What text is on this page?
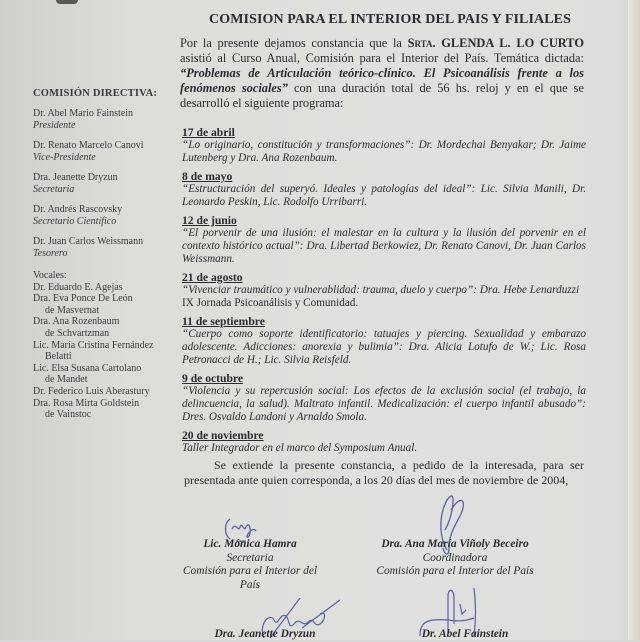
COMISION PARA EL INTERIOR DEL PAIS Y FILIALES
Por la presente dejamos constancia que la Srta. GLENDA L. LO CURTO asistió al Curso Anual, Comisión para el Interior del País. Temática dictada: “Problemas de Articulación teórico-clínico. El Psicoanálisis frente a los fenómenos sociales” con una duración total de 56 hs. reloj y en el que se desarrolló el siguiente programa:
COMISIÓN DIRECTIVA:
Dr. Abel Mario Fainstein
Presidente
Dr. Renato Marcelo Canovi
Vice-Presidente
Dra. Jeanette Dryzun
Secretaria
Dr. Andrés Rascovsky
Secretario Científico
Dr. Juan Carlos Weissmann
Tesorero
Vocales:
Dr. Eduardo E. Agejas
Dra. Eva Ponce De León
de Masvernat
Dra. Ana Rozenbaum
de Schvartzman
Lic. María Cristina Fernández
Belatti
Lic. Elsa Susana Cartolano
de Mandet
Dr. Federico Luis Aberastury
Dra. Rosa Mirta Goldstein
de Vainstoc
17 de abril
“Lo originario, constitución y transformaciones”: Dr. Mordechai Benyakar; Dr. Jaime Lutenberg y Dra. Ana Rozenbaum.
8 de mayo
“Estructuración del superyó. Ideales y patologías del ideal”: Lic. Silvia Manili, Dr. Leonardo Peskin, Lic. Rodolfo Urribarri.
12 de junio
“El porvenir de una ilusión: el malestar en la cultura y la ilusión del porvenir en el contexto histórico actual”: Dra. Libertad Berkowiez, Dr. Renato Canovi, Dr. Juan Carlos Weissmann.
21 de agosto
“Vivenciar traumático y vulnerablidad: trauma, duelo y cuerpo”: Dra. Hebe Lenarduzzi
IX Jornada Psicoanálisis y Comunidad.
11 de septiembre
“Cuerpo como soporte identificatorio: tatuajes y piercing. Sexualidad y embarazo adolescente. Adicciones: anorexia y bulimia”: Dra. Alicia Lotufo de W.; Lic. Rosa Petronacci de H.; Lic. Silvia Reisfeld.
9 de octubre
“Violencia y su repercusión social: Los efectos de la exclusión social (el trabajo, la delincuencia, la salud). Maltrato infantil. Medicalización: el cuerpo infantil abusado”: Dres. Osvaldo Landoni y Arnaldo Smola.
20 de noviembre
Taller Integrador en el marco del Symposium Anual.
Se extiende la presente constancia, a pedido de la interesada, para ser presentada ante quien corresponda, a los 20 días del mes de noviembre de 2004,
Lic. Mónica Hamra
Secretaria
Comisión para el Interior del País
Dra. Ana María Viñoly Beceiro
Coordinadora
Comisión para el Interior del País
Dra. Jeanette Dryzun	Dr. Abel Fainstein
